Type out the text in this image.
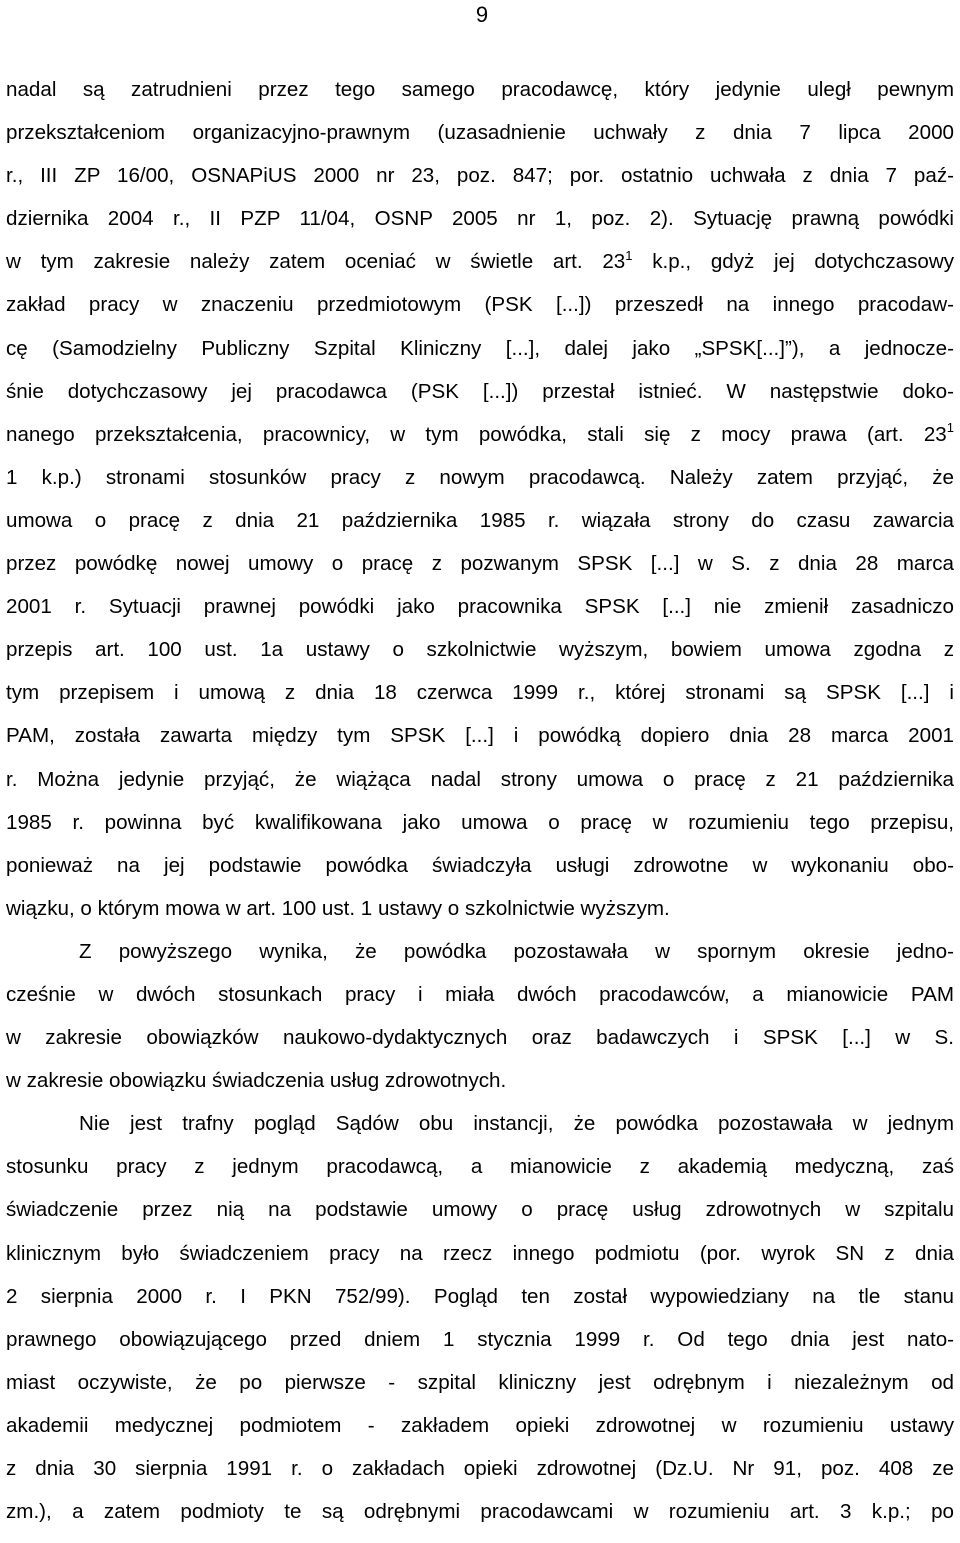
9
nadal są zatrudnieni przez tego samego pracodawcę, który jedynie uległ pewnym
przekształceniom organizacyjno-prawnym (uzasadnienie uchwały z dnia 7 lipca 2000
r., III ZP 16/00, OSNAPiUS 2000 nr 23, poz. 847; por. ostatnio uchwała z dnia 7 paź-
dziernika 2004 r., II PZP 11/04, OSNP 2005 nr 1, poz. 2). Sytuację prawną powódki
w tym zakresie należy zatem oceniać w świetle art. $23^1$ k.p., gdyż jej dotychczasowy
zakład pracy w znaczeniu przedmiotowym (PSK [...]) przeszedł na innego pracodaw-
cę (Samodzielny Publiczny Szpital Kliniczny [...], dalej jako „SPSK[...]”), a jednocze-
śnie dotychczasowy jej pracodawca (PSK [...]) przestał istnieć. W następstwie doko-
nanego przekształcenia, pracownicy, w tym powódka, stali się z mocy prawa (art. $23^1$
1 k.p.) stronami stosunków pracy z nowym pracodawcą. Należy zatem przyjąć, że
umowa o pracę z dnia 21 października 1985 r. wiązała strony do czasu zawarcia
przez powódkę nowej umowy o pracę z pozwanym SPSK [...] w S. z dnia 28 marca
2001 r. Sytuacji prawnej powódki jako pracownika SPSK [...] nie zmienił zasadniczo
przepis art. 100 ust. 1a ustawy o szkolnictwie wyższym, bowiem umowa zgodna z
tym przepisem i umową z dnia 18 czerwca 1999 r., której stronami są SPSK [...] i
PAM, została zawarta między tym SPSK [...] i powódką dopiero dnia 28 marca 2001
r. Można jedynie przyjąć, że wiążąca nadal strony umowa o pracę z 21 października
1985 r. powinna być kwalifikowana jako umowa o pracę w rozumieniu tego przepisu,
ponieważ na jej podstawie powódka świadczyła usługi zdrowotne w wykonaniu obo-
wiązku, o którym mowa w art. 100 ust. 1 ustawy o szkolnictwie wyższym.
Z powyższego wynika, że powódka pozostawała w spornym okresie jedno-
cześnie w dwóch stosunkach pracy i miała dwóch pracodawców, a mianowicie PAM
w zakresie obowiązków naukowo-dydaktycznych oraz badawczych i SPSK [...] w S.
w zakresie obowiązku świadczenia usług zdrowotnych.
Nie jest trafny pogląd Sądów obu instancji, że powódka pozostawała w jednym
stosunku pracy z jednym pracodawcą, a mianowicie z akademią medyczną, zaś
świadczenie przez nią na podstawie umowy o pracę usług zdrowotnych w szpitalu
klinicznym było świadczeniem pracy na rzecz innego podmiotu (por. wyrok SN z dnia
2 sierpnia 2000 r. I PKN 752/99). Pogląd ten został wypowiedziany na tle stanu
prawnego obowiązującego przed dniem 1 stycznia 1999 r. Od tego dnia jest nato-
miast oczywiste, że po pierwsze - szpital kliniczny jest odrębnym i niezależnym od
akademii medycznej podmiotem - zakładem opieki zdrowotnej w rozumieniu ustawy
z dnia 30 sierpnia 1991 r. o zakładach opieki zdrowotnej (Dz.U. Nr 91, poz. 408 ze
zm.), a zatem podmioty te są odrębnymi pracodawcami w rozumieniu art. 3 k.p.; po
